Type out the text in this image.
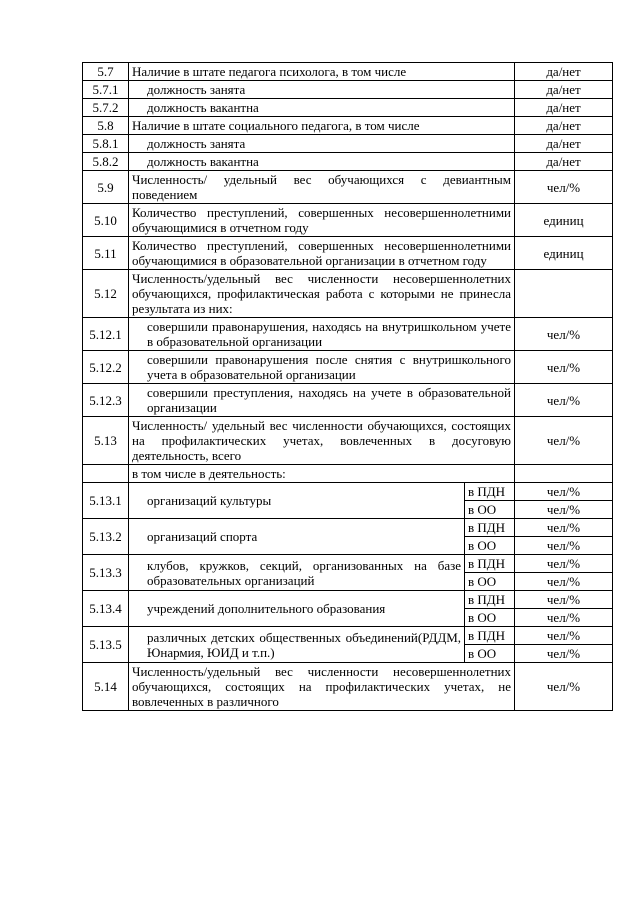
5.7	Наличие в штате педагога психолога, в том числе		да/нет
5.7.1	должность занята		да/нет
5.7.2	должность вакантна		да/нет
5.8	Наличие в штате социального педагога, в том числе		да/нет
5.8.1	должность занята		да/нет
5.8.2	должность вакантна		да/нет
5.9	Численность/ удельный вес обучающихся с девиантным поведением		чел/%
5.10	Количество преступлений, совершенных несовершеннолетними обучающимися в отчетном году		единиц
5.11	Количество преступлений, совершенных несовершеннолетними обучающимися в образовательной организации в отчетном году		единиц
5.12	Численность/удельный вес численности несовершеннолетних обучающихся, профилактическая работа с которыми не принесла результата из них:		
5.12.1	совершили правонарушения, находясь на внутришкольном учете в образовательной организации		чел/%
5.12.2	совершили правонарушения после снятия с внутришкольного учета в образовательной организации		чел/%
5.12.3	совершили преступления, находясь на учете в образовательной организации		чел/%
5.13	Численность/ удельный вес численности обучающихся, состоящих на профилактических учетах, вовлеченных в досуговую деятельность, всего		чел/%
	в том числе в деятельность:		
5.13.1	организаций культуры	в ПДН	чел/%
		в ОО	чел/%
5.13.2	организаций спорта	в ПДН	чел/%
		в ОО	чел/%
5.13.3	клубов, кружков, секций, организованных на базе образовательных организаций	в ПДН	чел/%
		в ОО	чел/%
5.13.4	учреждений дополнительного образования	в ПДН	чел/%
		в ОО	чел/%
5.13.5	различных детских общественных объединений(РДДМ, Юнармия, ЮИД и т.п.)	в ПДН	чел/%
		в ОО	чел/%
5.14	Численность/удельный вес численности несовершеннолетних обучающихся, состоящих на профилактических учетах, не вовлеченных в различного		чел/%
